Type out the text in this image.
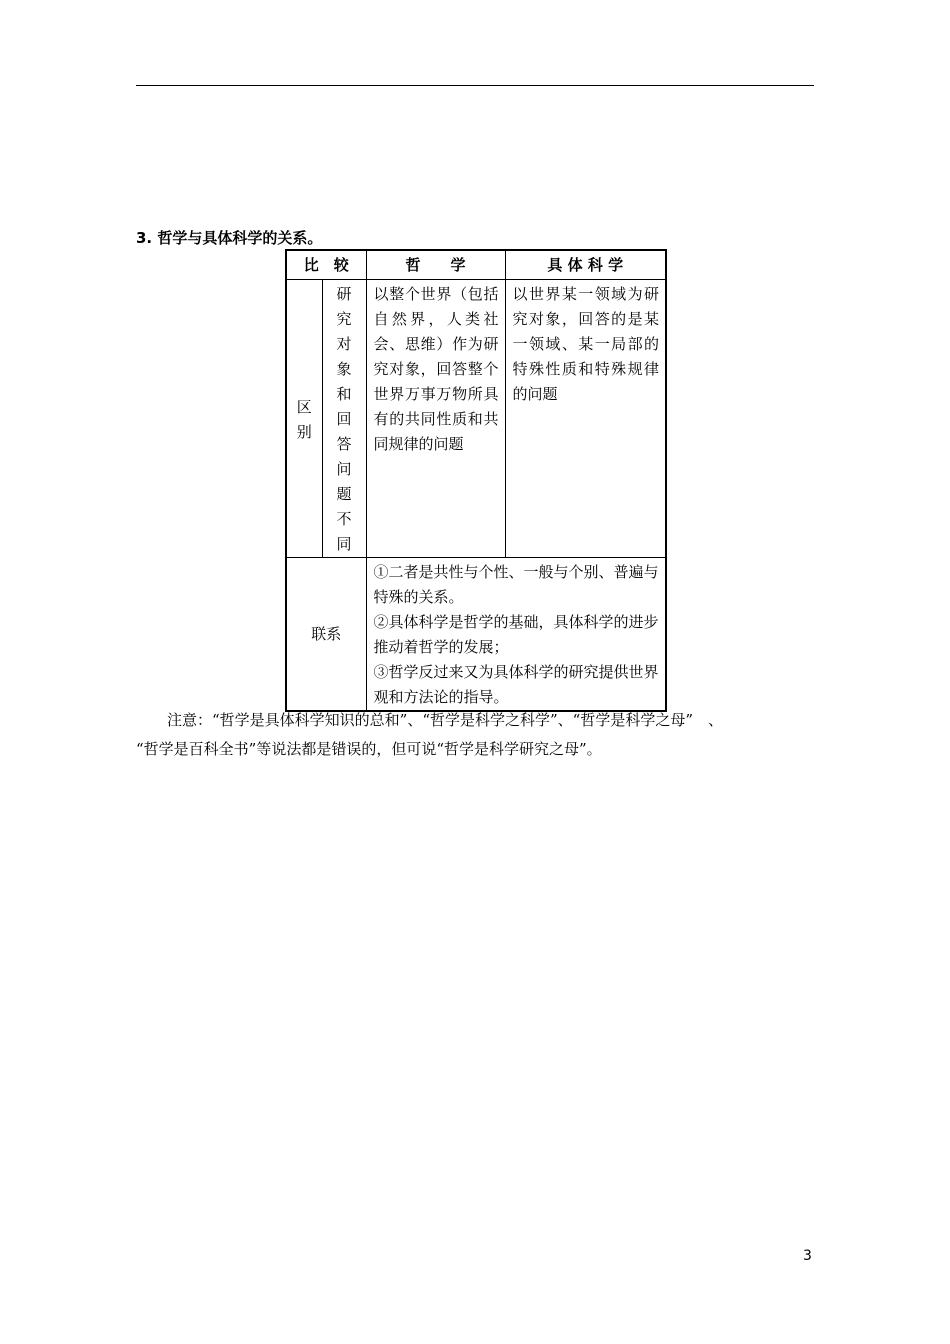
3. 哲学与具体科学的关系。
比　较		哲　　学	具 体 科 学

区别	研究对象和回答问题不同	以整个世界（包括自然界，人类社会、思维）作为研究对象，回答整个世界万事万物所具有的共同性质和共同规律的问题	以世界某一领域为研究对象，回答的是某一领域、某一局部的特殊性质和特殊规律的问题
联系		①二者是共性与个性、一般与个别、普遍与特殊的关系。
②具体科学是哲学的基础，具体科学的进步推动着哲学的发展；
③哲学反过来又为具体科学的研究提供世界观和方法论的指导。	

注意：“哲学是具体科学知识的总和”、“哲学是科学之科学”、“哲学是科学之母”　、

“哲学是百科全书”等说法都是错误的，但可说“哲学是科学研究之母”。

3
